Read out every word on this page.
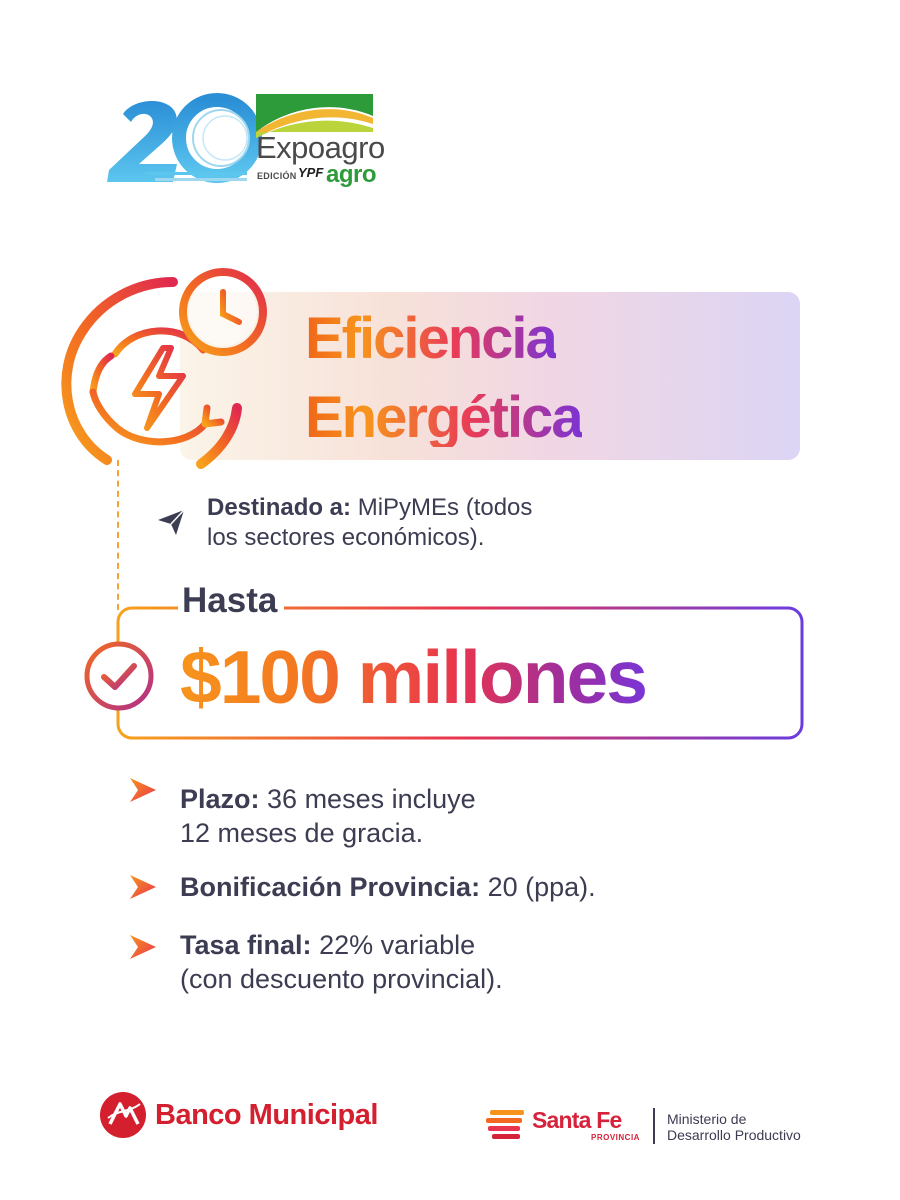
Expoagro
EDICIÓN YPF agro
Eficiencia
Energética
Destinado a: MiPyMEs (todos
los sectores económicos).
Hasta
$100 millones
Plazo: 36 meses incluye
12 meses de gracia.
Bonificación Provincia: 20 (ppa).
Tasa final: 22% variable
(con descuento provincial).
Banco Municipal	Santa Fe
PROVINCIA
Ministerio de
Desarrollo Productivo
